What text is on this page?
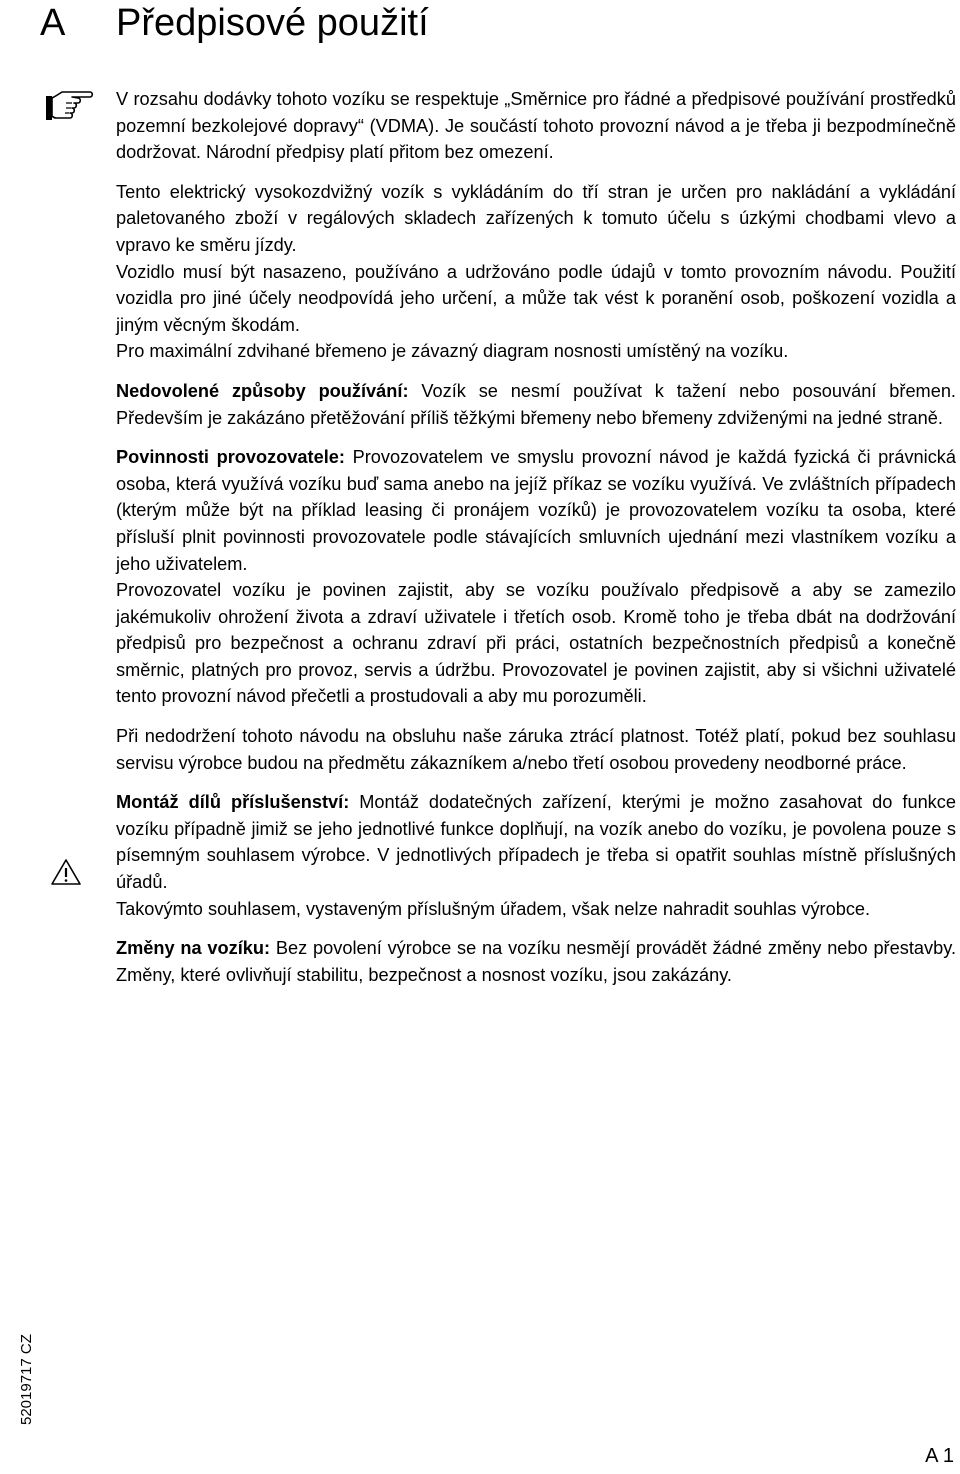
A Předpisové použití

V rozsahu dodávky tohoto vozíku se respektuje „Směrnice pro řádné a předpisové používání prostředků pozemní bezkolejové dopravy“ (VDMA). Je součástí tohoto provozní návod a je třeba ji bezpodmínečně dodržovat. Národní předpisy platí přitom bez omezení.

Tento elektrický vysokozdvižný vozík s vykládáním do tří stran je určen pro nakládání a vykládání paletovaného zboží v regálových skladech zařízených k tomuto účelu s úzkými chodbami vlevo a vpravo ke směru jízdy.

Vozidlo musí být nasazeno, používáno a udržováno podle údajů v tomto provozním návodu. Použití vozidla pro jiné účely neodpovídá jeho určení, a může tak vést k poranění osob, poškození vozidla a jiným věcným škodám.

Pro maximální zdvihané břemeno je závazný diagram nosnosti umístěný na vozíku.

Nedovolené způsoby používání: Vozík se nesmí používat k tažení nebo posouvání břemen. Především je zakázáno přetěžování příliš těžkými břemeny nebo břemeny zdviženými na jedné straně.

Povinnosti provozovatele: Provozovatelem ve smyslu provozní návod je každá fyzická či právnická osoba, která využívá vozíku buď sama anebo na jejíž příkaz se vozíku využívá. Ve zvláštních případech (kterým může být na příklad leasing či pronájem vozíků) je provozovatelem vozíku ta osoba, které přísluší plnit povinnosti provozovatele podle stávajících smluvních ujednání mezi vlastníkem vozíku a jeho uživatelem.

Provozovatel vozíku je povinen zajistit, aby se vozíku používalo předpisově a aby se zamezilo jakémukoliv ohrožení života a zdraví uživatele i třetích osob. Kromě toho je třeba dbát na dodržování předpisů pro bezpečnost a ochranu zdraví při práci, ostatních bezpečnostních předpisů a konečně směrnic, platných pro provoz, servis a údržbu. Provozovatel je povinen zajistit, aby si všichni uživatelé tento provozní návod přečetli a prostudovali a aby mu porozuměli.

Při nedodržení tohoto návodu na obsluhu naše záruka ztrácí platnost. Totéž platí, pokud bez souhlasu servisu výrobce budou na předmětu zákazníkem a/nebo třetí osobou provedeny neodborné práce.

Montáž dílů příslušenství: Montáž dodatečných zařízení, kterými je možno zasahovat do funkce vozíku případně jimiž se jeho jednotlivé funkce doplňují, na vozík anebo do vozíku, je povolena pouze s písemným souhlasem výrobce. V jednotlivých případech je třeba si opatřit souhlas místně příslušných úřadů.

Takovýmto souhlasem, vystaveným příslušným úřadem, však nelze nahradit souhlas výrobce.

Změny na vozíku: Bez povolení výrobce se na vozíku nesmějí provádět žádné změny nebo přestavby. Změny, které ovlivňují stabilitu, bezpečnost a nosnost vozíku, jsou zakázány.

52019717 CZ
A 1
